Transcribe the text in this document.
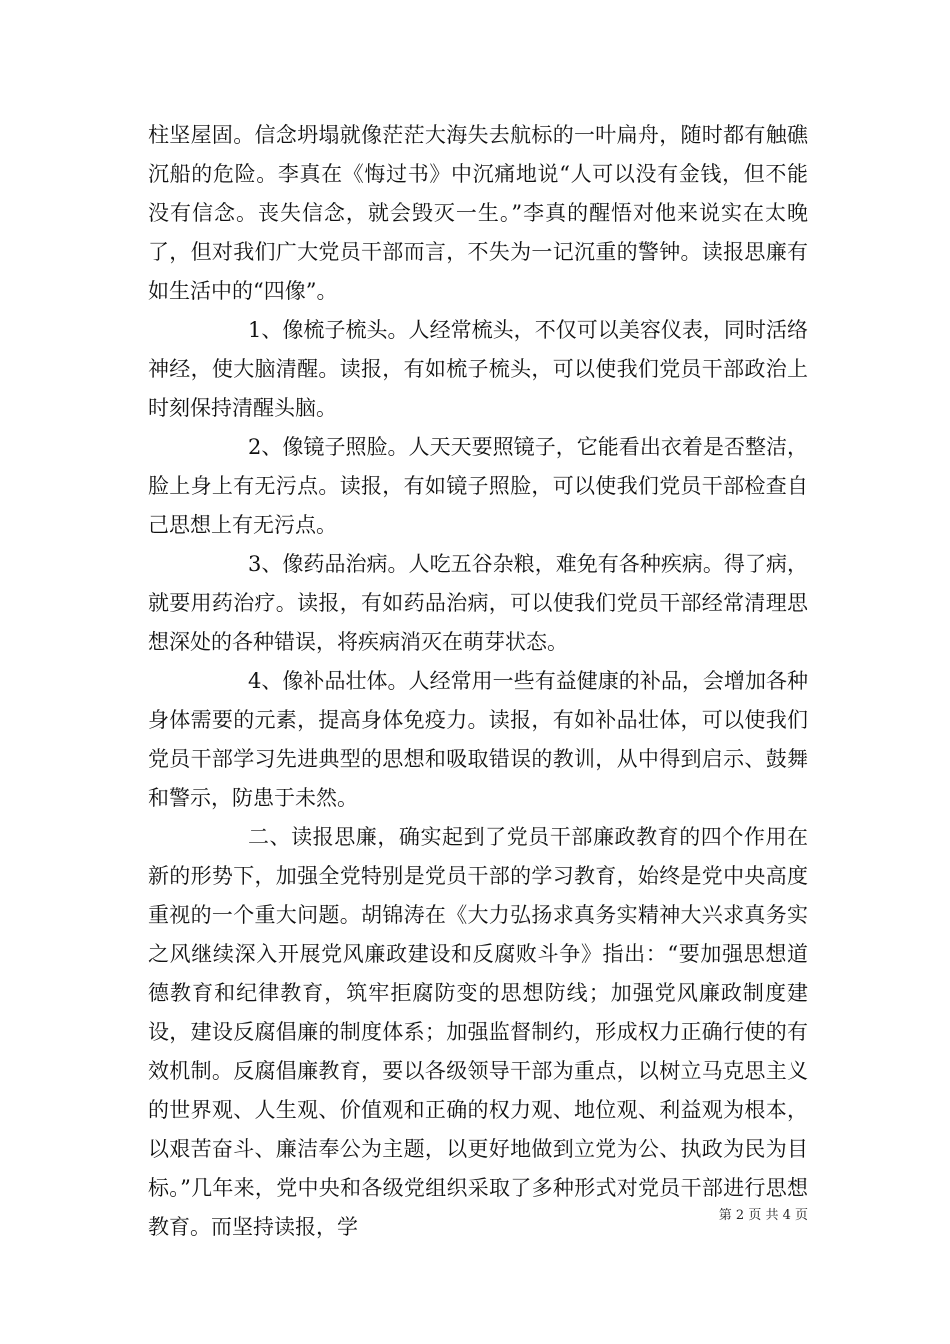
柱坚屋固。信念坍塌就像茫茫大海失去航标的一叶扁舟，随时都有触礁沉船的危险。李真在《悔过书》中沉痛地说“人可以没有金钱，但不能没有信念。丧失信念，就会毁灭一生。”李真的醒悟对他来说实在太晚了，但对我们广大党员干部而言，不失为一记沉重的警钟。读报思廉有如生活中的“四像”。

1、像梳子梳头。人经常梳头，不仅可以美容仪表，同时活络神经，使大脑清醒。读报，有如梳子梳头，可以使我们党员干部政治上时刻保持清醒头脑。

2、像镜子照脸。人天天要照镜子，它能看出衣着是否整洁，脸上身上有无污点。读报，有如镜子照脸，可以使我们党员干部检查自己思想上有无污点。

3、像药品治病。人吃五谷杂粮，难免有各种疾病。得了病，就要用药治疗。读报，有如药品治病，可以使我们党员干部经常清理思想深处的各种错误，将疾病消灭在萌芽状态。

4、像补品壮体。人经常用一些有益健康的补品，会增加各种身体需要的元素，提高身体免疫力。读报，有如补品壮体，可以使我们党员干部学习先进典型的思想和吸取错误的教训，从中得到启示、鼓舞和警示，防患于未然。

二、读报思廉，确实起到了党员干部廉政教育的四个作用在新的形势下，加强全党特别是党员干部的学习教育，始终是党中央高度重视的一个重大问题。胡锦涛在《大力弘扬求真务实精神大兴求真务实之风继续深入开展党风廉政建设和反腐败斗争》指出：“要加强思想道德教育和纪律教育，筑牢拒腐防变的思想防线；加强党风廉政制度建设，建设反腐倡廉的制度体系；加强监督制约，形成权力正确行使的有效机制。反腐倡廉教育，要以各级领导干部为重点，以树立马克思主义的世界观、人生观、价值观和正确的权力观、地位观、利益观为根本，以艰苦奋斗、廉洁奉公为主题，以更好地做到立党为公、执政为民为目标。”几年来，党中央和各级党组织采取了多种形式对党员干部进行思想教育。而坚持读报，学	第 2 页 共 4 页
